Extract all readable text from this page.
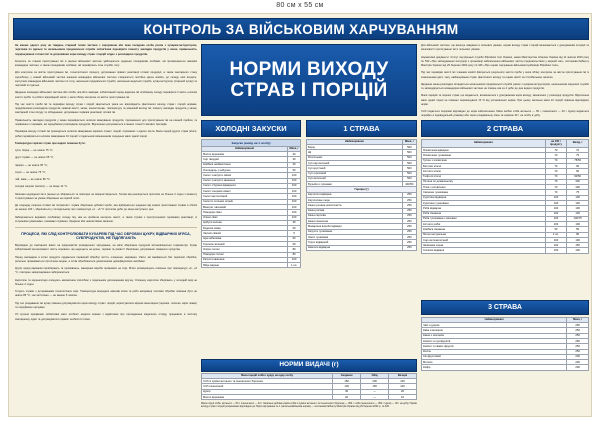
80 см х 55 см
КОНТРОЛЬ ЗА ВІЙСЬКОВИМ ХАРЧУВАННЯМ

Не менше одного разу на тиждень старший технік частини з харчування або інша посадова особа разом з кухарем-інструктором, черговим по їдальні та начальником продовольчої служби зобов'язані перевіряти повноту закладки продуктів у казан, правильність порціонування готової їжі та дотримання норм виходу страв і порцій згідно з розкладкою продуктів.

Контроль за станом приготування їжі в їдальні військової частини здійснюється щоденно посадовими особами, які призначаються наказом командира частини, а також посадовими особами, які перевіряють стан служби тилу.

Для контролю за якістю приготування їжі, технологічного процесу, дотримання правил реалізації готової продукції, а також санітарного стану харчоблоку у кожній військовій частині наказом командира військової частини створюється постійно діюча комісія, до складу якої входять: заступник командира військової частини по тилу, начальник продовольчої служби, начальник медичної служби, кухар-інструктор (старший кухар) та черговий по їдальні.

Щоденно командир військової частини або особа, яка його заміщає, зобов'язаний перед видачею їжі особовому складу перевіряти її якість шляхом зняття проби та робити відповідний запис у книзі обліку контролю за якістю приготування їжі.

Під час зняття проби їжі та перевірки виходу страв і порцій звертається увага на: відповідність фактичного виходу страв і порцій нормам, передбаченим розкладкою продуктів; смакові якості, запах, консистенцію, температуру та зовнішній вигляд їжі; повноту закладки продуктів у казан; санітарний стан посуду та обладнання; дотримання термінів реалізації готової їжі.

Правильність закладки продуктів у казан перевіряється шляхом зважування продуктів, призначених для приготування їжі на кожний прийом, та порівняння з нормами, які передбачені розкладкою продуктів. Відхилення допускаються в межах точності вагових приладів.

Перевірка виходу готової їжі проводиться шляхом зважування окремих страв і порцій, отриманих з одного котла. Маса порцій других страв (м'ясо, риба) перевіряється шляхом зважування 10 порцій з подальшим визначенням середньої маси однієї порції.

Температура гарячих страв при видачі повинна бути:

супи, борщі — не нижче 75 °С;

другі страви — не нижче 65 °С;

гарніри — не нижче 65 °С;

соуси — не нижче 75 °С;

чай, кава — не нижче 80 °С;

холодні закуски (салати) — не вище 14 °С.

Залишки недоїденої їжі в їдальні не збираються та повторно не використовуються. Готова їжа реалізується протягом не більше 2 годин з моменту її приготування за умови зберігання на гарячій плиті.

До осередку охорони готової їжі потрапляє і термін зберігання добової проби, яка відбирається щоденно від кожної приготованої страви в обсязі не менше 100 г, зберігається у холодильнику при температурі +2…+6 °С протягом доби до кінця наступного дня.

Забороняється видавати особовому складу їжу, яка не пройшла контроль якості, а також страви з простроченими термінами реалізації, із сторонніми домішками, ознаками псування, бродіння або невластивим запахом.

ПРОЦЕСИ, ЯКІ СЛІД КОНТРОЛЮВАТИ КУХАРЕВІ ПІД ЧАС ОБРОБКИ ЦУКРУ, ВІДВАРНИХ М'ЯСА, СУБПРОДУКТІВ, НЕ ПІДЛЯГАЮТЬ

Відповідно до санітарних вимог на підприємстві громадського харчування, на місці зберігання продуктів встановлюються термометри. Кухар зобов'язаний контролювати: якість сировини, що надходить на кухню, терміни та умови її зберігання, дотримання товарного сусідства.

Перед закладкою в котел продукти піддаються первинній обробці: миття, очищення, нарізання. Овочі, які вживаються без термічної обробки, ретельно промиваються проточною водою, а потім обробляються дозволеними дезінфікуючими засобами.

Крупи перед варінням перебирають та промивають, макаронні вироби промивати не слід. М'ясо розморожують повільно при температурі +4…+6 °С, повторне заморожування забороняється.

Картоплю та коренеплоди очищують механічним способом з подальшим доочищенням вручну. Очищену картоплю зберігають у холодній воді не більше 2 годин.

Готують страви з дотриманням технологічних карт. Температура всередині шматків м'яса та риби наприкінці теплової обробки повинна бути не нижче 85 °С, час кип'ятіння — не менше 5 хвилин.

Під час роздавання їжі кухар повинен дотримуватися норм виходу страв і порцій, користуватися мірним інвентарем (черпаки, лопатки, мірні ложки) та порційними щипцями.

Усі кухонні працівники зобов'язані мати особисті медичні книжки з відмітками про проходження медичного огляду, працювати в чистому санітарному одязі та дотримуватися правил особистої гігієни.

НОРМИ ВИХОДУ
СТРАВ І ПОРЦІЙ
ХОЛОДНІ ЗАКУСКИ
Закуски (вихід на 1 особу)
Найменування	Маса, г
Масло вершкове	20
Сир твердий	30
Ковбаса напівкопчена	40
Оселедець з цибулею	50
Салат з капусти свіжої	100
Салат з капусти квашеної	100
Салат з буряка відварного	100
Салат з моркви свіжої	100
Салат картопляний	100
Салат із солоних огірків	100
Вінегрет овочевий	100
Помідори свіжі	100
Огірки свіжі	100
Цибуля зелена	30
Редиска свіжа	60
Часник свіжий	5
Ікра кабачкова	60
Горошок зелений	50
Огірки солоні	80
Помідори солоні	80
Капуста квашена	100
Яйце варене	1 шт.
1 СТРАВА
Найменування	Маса, г
Борщ	500
Щі	500
Розсольник	500
Суп картопляний	500
Суп круп'яний	500
Суп гороховий	500
Суп молочний	500
Бульйон з грінками	400/50
Гарніри (г)	
Картопля відварна	250
Картопляне пюре	250
Каша гречана розсипчаста	250
Каша рисова	250
Каша перлова	250
Каша пшенична	250
Макаронні вироби відварні	250
Капуста тушкована	250
Овочі тушковані	250
Горох відварний	250
Квасоля відварна	250
2 СТРАВА
Найменування	на 100 г продукту	Вихід, г
Яловичина відварна	70	70
Яловичина тушкована	70	75
Гуляш з яловичини	70	75/50
Биточки м'ясні	70	90
Котлети м'ясні	70	90
Тефтелі м'ясні	70	90/50
Печеня по-домашньому	70	300
Плов з яловичини	70	300
Свинина тушкована	70	75
Курятина відварна	100	100
Курятина тушкована	100	100
Риба відварна	100	100
Риба смажена	100	100
Риба тушкована з овочами	100	100/75
Котлети рибні	100	100
Ковбаса смажена	50	50
Яєчня натуральна	2 шт.	90
Сир кисломолочний	100	100
Запіканка сирна	100	150
Сосиски відварні	100	100
3 СТРАВА
Найменування	Маса, г
Чай з цукром	250
Кава з молоком	250
Какао з молоком	250
Компот із сухофруктів	250
Компот із свіжих фруктів	250
Кисіль	250
Сік фруктовий	200
Молоко	200
Кефір	200
НОРМИ ВИДАЧІ (г)
Маса порцій хліба і цукру на одну особу	Сніданок	Обід	Вечеря
Хліб із суміші житнього та пшеничного борошна	150	200	100
Хліб пшеничний	100	150	100
Цукор	30	—	20
Масло вершкове	20	—	10
Маса порції хліба: житнього — 50 г, пшеничного — 40 г. Загальна добова норма хліба із суміші житнього та пшеничного борошна — 450 г, хліба пшеничного — 350 г. Цукор — 30 г на добу. Норми виходу страв і порцій розраховано відповідно до Норм харчування № 1 (загальновійськова норма) — постанова Кабінету Міністрів України від 29 березня 2002 р. № 426.

Для військової частини, що виконує завдання в польових умовах, норми виходу страв і порцій визначаються з урахуванням ситуації та можливості приготування їжі в польових умовах.

Нормативні документи: Статут внутрішньої служби Збройних Сил України, наказ Міністерства оборони України від 11 жовтня 2016 року № 530 «Про затвердження Інструкції з організації забезпечення військових частин продовольством у мирний час», постанова Кабінету Міністрів України від 29 березня 2002 року № 426 «Про норми харчування військовослужбовців Збройних Сил».

Під час перевірки якості їжі членами комісії фіксуються результати зняття проби у книзі обліку контролю за якістю приготування їжі із зазначенням дати, часу, найменування страв, фактичного виходу та оцінки якості за п'ятибальною шкалою.

Щоденне меню-розкладка складається начальником продовольчої служби разом з кухарем-інструктором, начальником медичної служби та затверджується командиром військової частини не пізніше ніж за 2 доби до дня видачі продуктів.

Маса гарнірів та перших страв, що видаються, визначається з урахуванням норм виходу, зазначених у розкладці продуктів. Відхилення маси однієї порції не повинно перевищувати ±3 % від установленої норми. При цьому загальна маса 10 порцій повинна відповідати нормі.

Хліб подається порціями відповідно до норм забезпечення. Маса скибки хліба житнього — 50 г, пшеничного — 40 г. Цукор видається порційно в індивідуальній упаковці або через роздавальну лінію за нормою 30 г на особу в добу.
